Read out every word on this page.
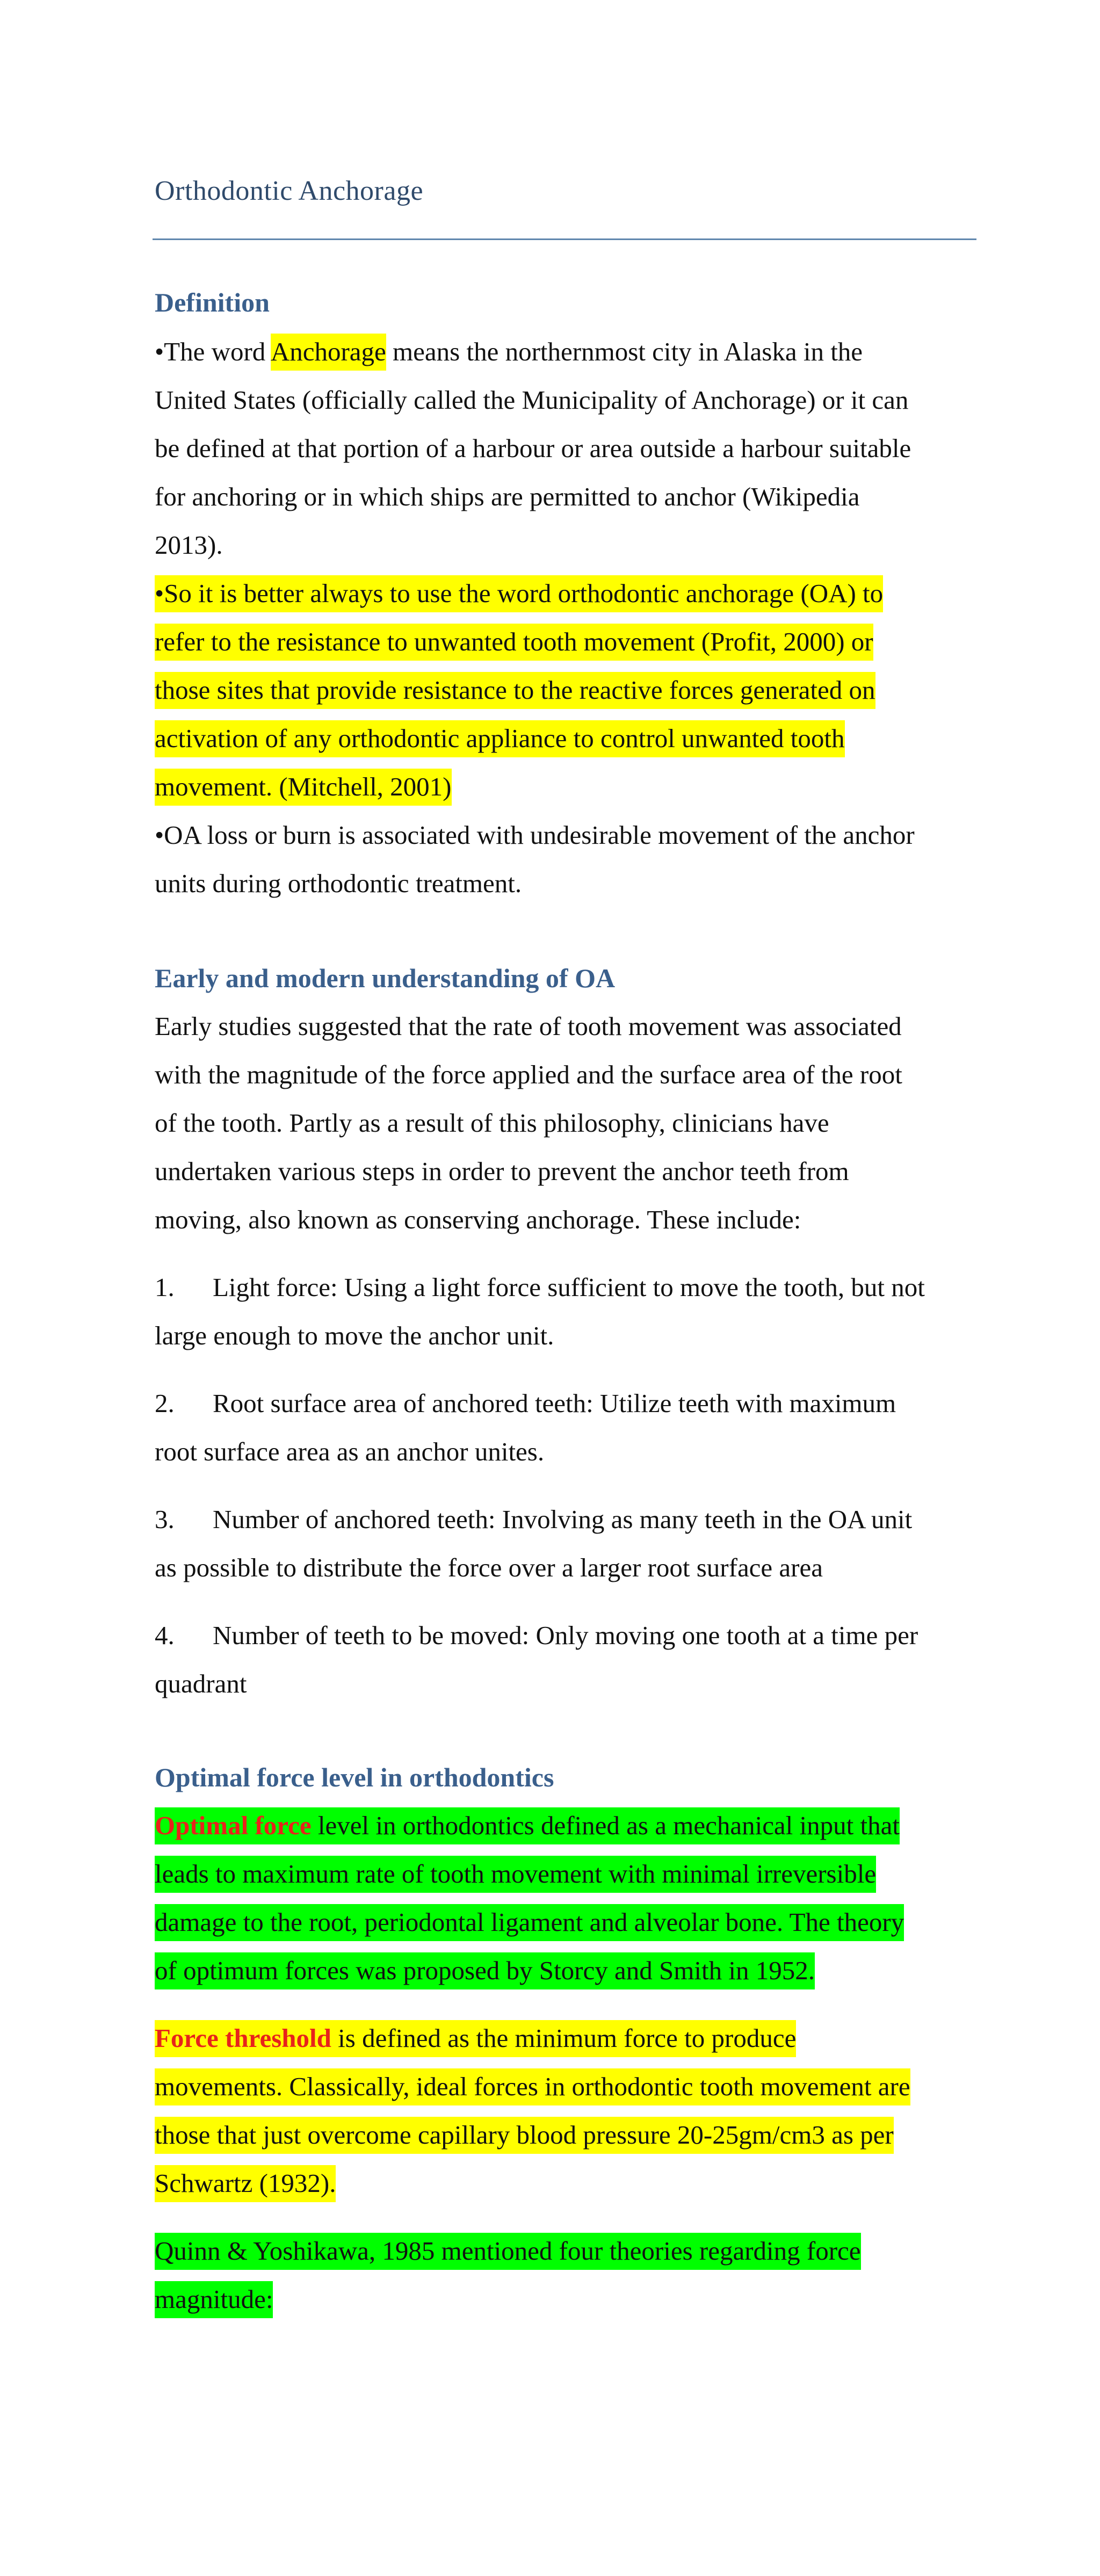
Orthodontic Anchorage
Definition
•The word Anchorage means the northernmost city in Alaska in the
United States (officially called the Municipality of Anchorage) or it can
be defined at that portion of a harbour or area outside a harbour suitable
for anchoring or in which ships are permitted to anchor (Wikipedia
2013).
•So it is better always to use the word orthodontic anchorage (OA) to
refer to the resistance to unwanted tooth movement (Profit, 2000) or
those sites that provide resistance to the reactive forces generated on
activation of any orthodontic appliance to control unwanted tooth
movement. (Mitchell, 2001)
•OA loss or burn is associated with undesirable movement of the anchor
units during orthodontic treatment.
Early and modern understanding of OA
Early studies suggested that the rate of tooth movement was associated
with the magnitude of the force applied and the surface area of the root
of the tooth. Partly as a result of this philosophy, clinicians have
undertaken various steps in order to prevent the anchor teeth from
moving, also known as conserving anchorage. These include:
1. Light force: Using a light force sufficient to move the tooth, but not
large enough to move the anchor unit.
2. Root surface area of anchored teeth: Utilize teeth with maximum
root surface area as an anchor unites.
3. Number of anchored teeth: Involving as many teeth in the OA unit
as possible to distribute the force over a larger root surface area
4. Number of teeth to be moved: Only moving one tooth at a time per
quadrant
Optimal force level in orthodontics
Optimal force level in orthodontics defined as a mechanical input that
leads to maximum rate of tooth movement with minimal irreversible
damage to the root, periodontal ligament and alveolar bone. The theory
of optimum forces was proposed by Storcy and Smith in 1952.
Force threshold is defined as the minimum force to produce
movements. Classically, ideal forces in orthodontic tooth movement are
those that just overcome capillary blood pressure 20-25gm/cm3 as per
Schwartz (1932).
Quinn & Yoshikawa, 1985 mentioned four theories regarding force
magnitude:
